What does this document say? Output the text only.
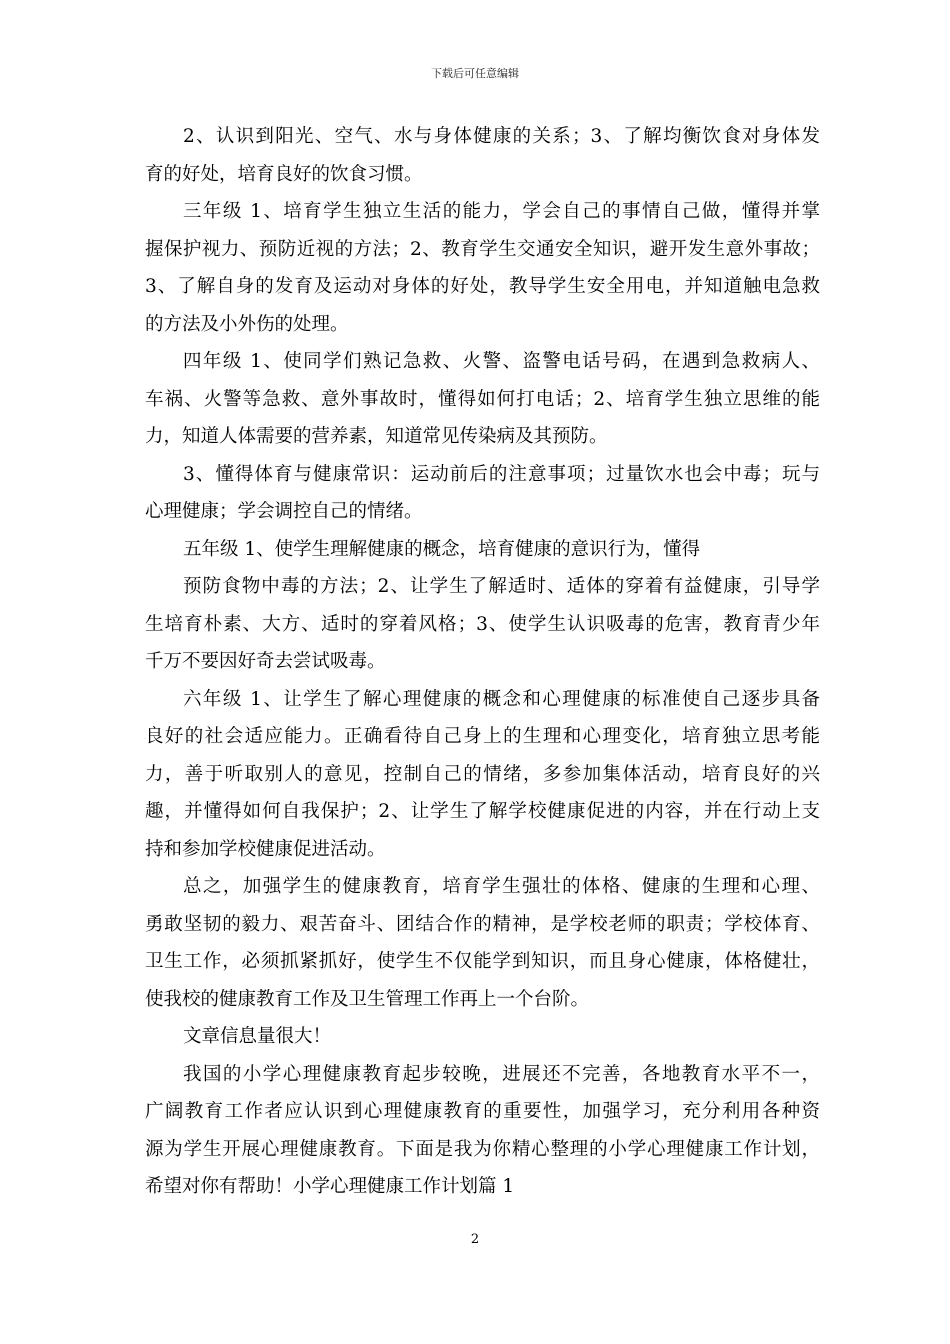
下载后可任意编辑
2、认识到阳光、空气、水与身体健康的关系；3、了解均衡饮食对身体发
育的好处，培育良好的饮食习惯。
三年级 1、培育学生独立生活的能力，学会自己的事情自己做，懂得并掌
握保护视力、预防近视的方法；2、教育学生交通安全知识，避开发生意外事故；
3、了解自身的发育及运动对身体的好处，教导学生安全用电，并知道触电急救
的方法及小外伤的处理。
四年级 1、使同学们熟记急救、火警、盗警电话号码，在遇到急救病人、
车祸、火警等急救、意外事故时，懂得如何打电话；2、培育学生独立思维的能
力，知道人体需要的营养素，知道常见传染病及其预防。
3、懂得体育与健康常识：运动前后的注意事项；过量饮水也会中毒；玩与
心理健康；学会调控自己的情绪。
五年级 1、使学生理解健康的概念，培育健康的意识行为，懂得
预防食物中毒的方法；2、让学生了解适时、适体的穿着有益健康，引导学
生培育朴素、大方、适时的穿着风格；3、使学生认识吸毒的危害，教育青少年
千万不要因好奇去尝试吸毒。
六年级 1、让学生了解心理健康的概念和心理健康的标准使自己逐步具备
良好的社会适应能力。正确看待自己身上的生理和心理变化，培育独立思考能
力，善于听取别人的意见，控制自己的情绪，多参加集体活动，培育良好的兴
趣，并懂得如何自我保护；2、让学生了解学校健康促进的内容，并在行动上支
持和参加学校健康促进活动。
总之，加强学生的健康教育，培育学生强壮的体格、健康的生理和心理、
勇敢坚韧的毅力、艰苦奋斗、团结合作的精神，是学校老师的职责；学校体育、
卫生工作，必须抓紧抓好，使学生不仅能学到知识，而且身心健康，体格健壮，
使我校的健康教育工作及卫生管理工作再上一个台阶。
文章信息量很大！
我国的小学心理健康教育起步较晚，进展还不完善，各地教育水平不一，
广阔教育工作者应认识到心理健康教育的重要性，加强学习，充分利用各种资
源为学生开展心理健康教育。下面是我为你精心整理的小学心理健康工作计划，
希望对你有帮助！小学心理健康工作计划篇 1
2
